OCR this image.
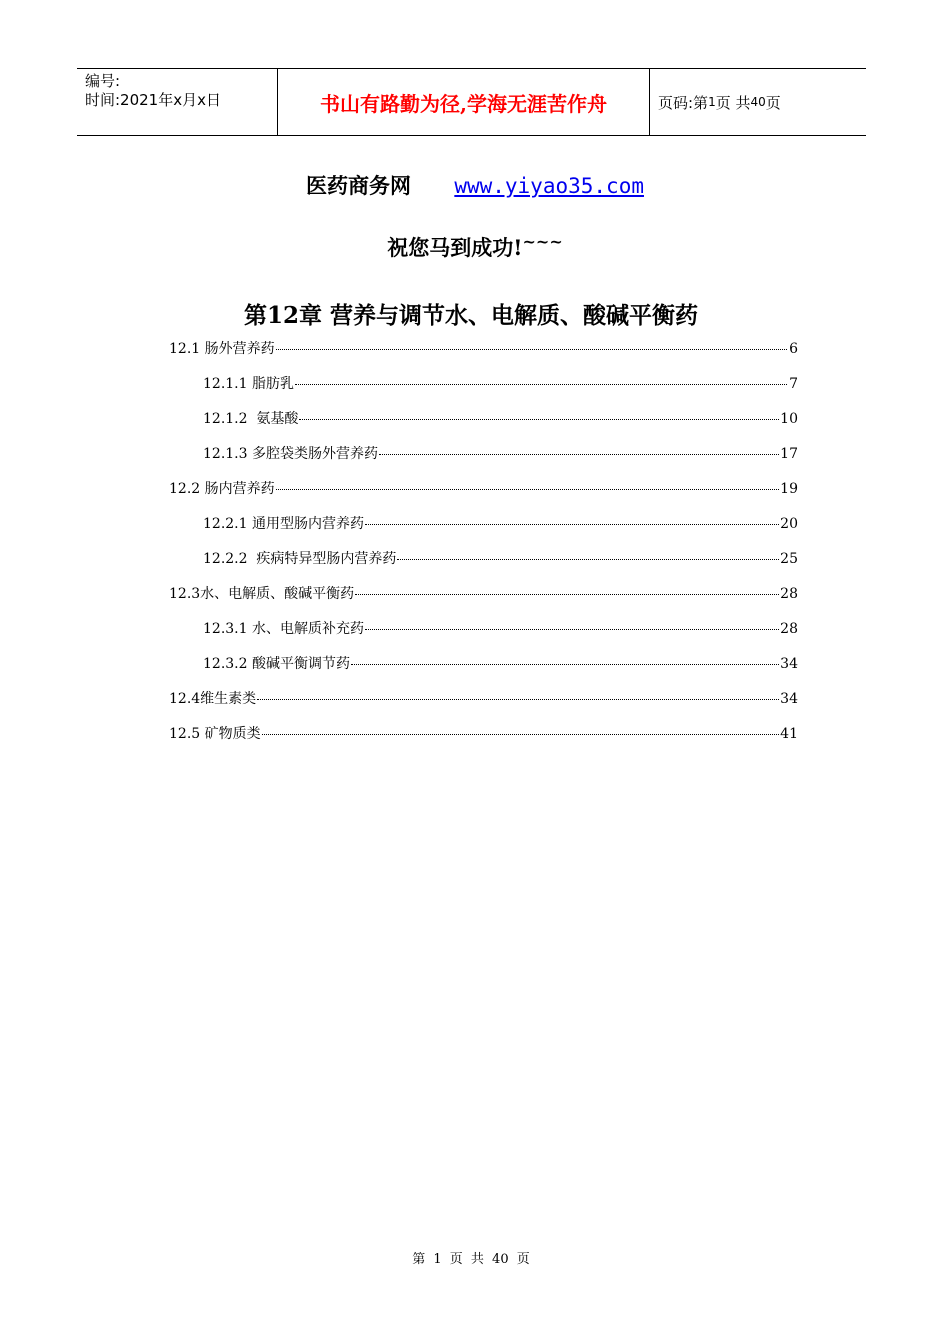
编号:
时间:2021年x月x日	书山有路勤为径,学海无涯苦作舟	页码:第 1 页 共 40 页
医药商务网 www.yiyao35.com
祝您马到成功!~~~
第12章 营养与调节水、电解质、酸碱平衡药
12.1 肠外营养药	6
12.1.1 脂肪乳	7
12.1.2  氨基酸	10
12.1.3 多腔袋类肠外营养药	17
12.2 肠内营养药	19
12.2.1 通用型肠内营养药	20
12.2.2  疾病特异型肠内营养药	25
12.3水、电解质、酸碱平衡药	28
12.3.1 水、电解质补充药	28
12.3.2 酸碱平衡调节药	34
12.4维生素类	34
12.5 矿物质类	41
第 1 页 共 40 页
